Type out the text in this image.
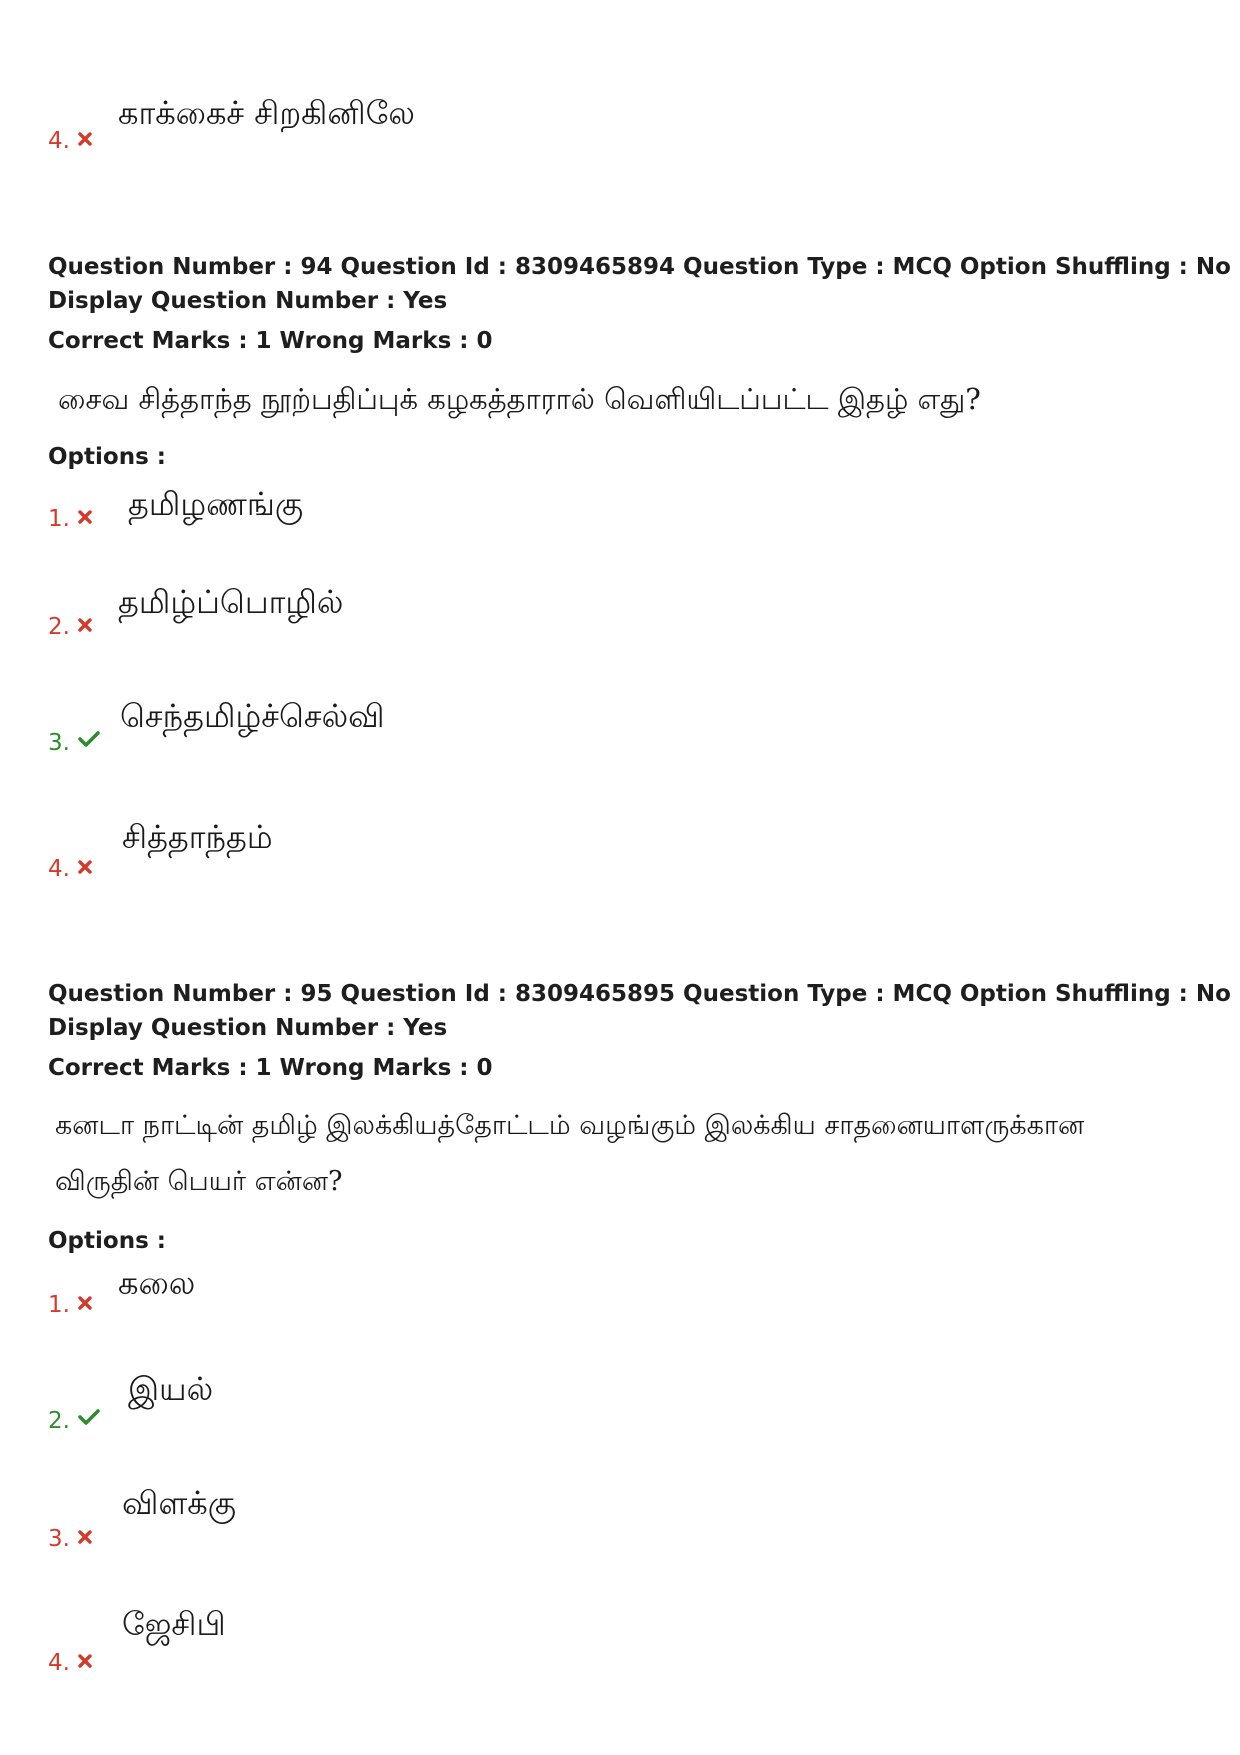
4.
காக்கைச் சிறகினிலே
Question Number : 94 Question Id : 8309465894 Question Type : MCQ Option Shuffling : No
Display Question Number : Yes
Correct Marks : 1 Wrong Marks : 0
சைவ சித்தாந்த நூற்பதிப்புக் கழகத்தாரால் வெளியிடப்பட்ட இதழ் எது?
Options :
1.	தமிழணங்கு
2.
தமிழ்ப்பொழில்
3.
செந்தமிழ்ச்செல்வி
4.
சித்தாந்தம்
Question Number : 95 Question Id : 8309465895 Question Type : MCQ Option Shuffling : No
Display Question Number : Yes
Correct Marks : 1 Wrong Marks : 0
கனடா நாட்டின் தமிழ் இலக்கியத்தோட்டம் வழங்கும் இலக்கிய சாதனையாளருக்கான
விருதின் பெயர் என்ன?
Options :
1.
கலை
2.
இயல்
3.
விளக்கு
4.
ஜேசிபி
